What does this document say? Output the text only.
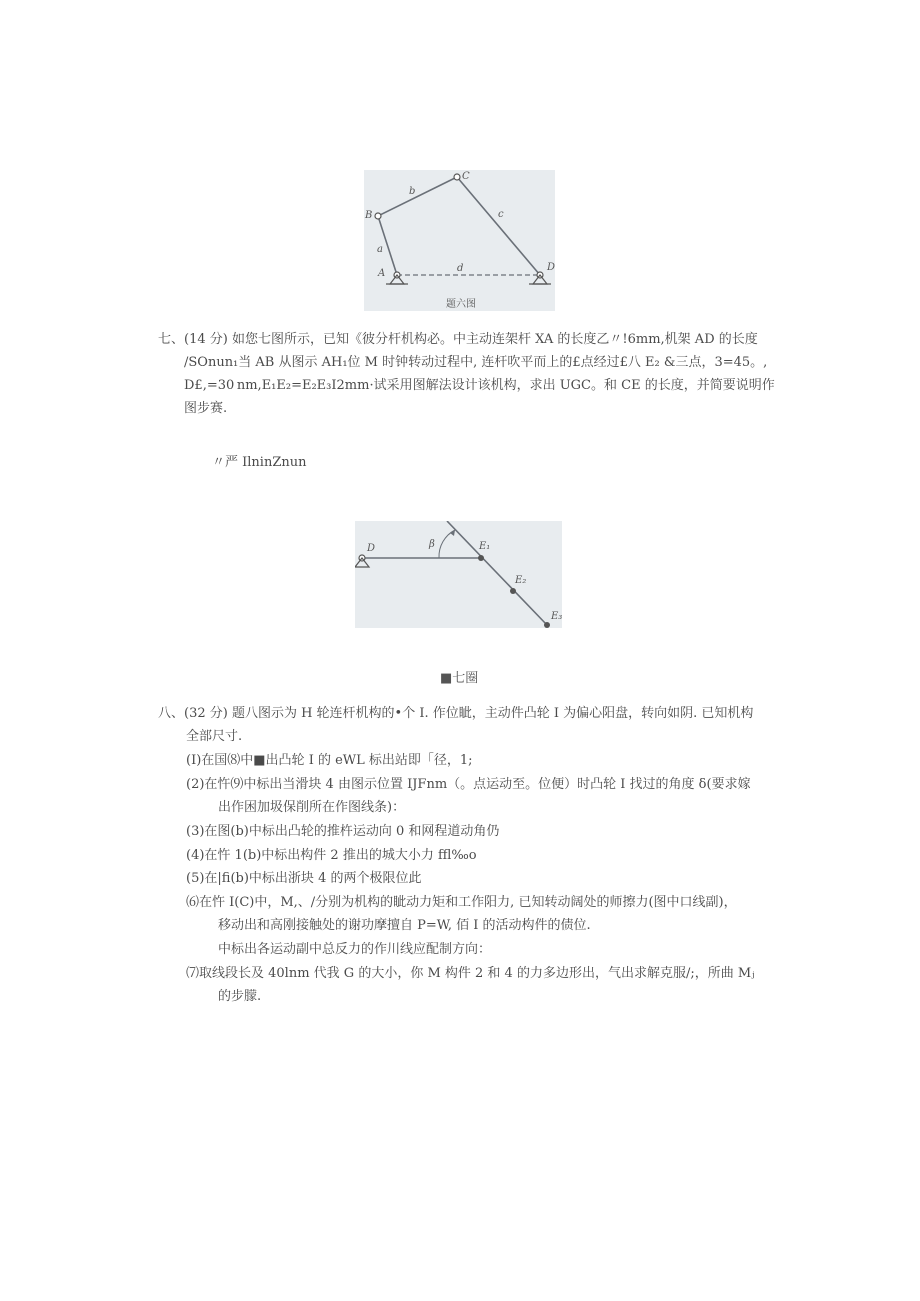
B
C
A
D
a
b
c
d
题六图
七、(14 分) 如您七图所示，已知《彼分杆机构必。中主动连架杆 XA 的长度乙〃!6mm,机架 AD 的长度
/SOnun₁当 AB 从图示 AH₁位 M 时钟转动过程中, 连杆吹平而上的£点经过£八 E₂ &三点，3=45。,
D£,=30 nm,E₁E₂=E₂E₃I2mm·试采用图解法设计该机构，求出 UGC。和 CE 的长度，并简要说明作
图步赛.
〃严 IlninZnun
D	β	E₁
E₂
E₃
■七圈
八、(32 分) 题八图示为 H 轮连杆机构的•个 I. 作位眦，主动件凸轮 I 为偏心阳盘，转向如阴. 已知机构
全部尺寸.
(I)在国⑻中■出凸轮 I 的 eWL 标出站即「径，1;
(2)在忤⑼中标出当滑块 4 由图示位置 IJFnm（。点运动至。位便）时凸轮 I 找过的角度 δ(要求嫁
出作困加圾保削所在作图线条)：
(3)在图(b)中标出凸轮的推杵运动向 0 和网程道动角仍
(4)在忤 1(b)中标出构件 2 推出的城大小力 ffl‰o
(5)在|fi(b)中标出浙块 4 的两个极限位此
⑹在忤 I(C)中，M,、/分别为机构的眦动力矩和工作阳力, 已知转动阔处的师擦力(图中口线副)，
移动出和高刚接触处的谢功摩擅自 P=W, 佰 I 的活动构件的债位.
中标出各运动副中总反力的作川线应配制方向：
⑺取线段长及 40lnm 代我 G 的大小，你 M 构件 2 和 4 的力多边形出，气出求解克服/;，所曲 Mⱼ
的步朦.
